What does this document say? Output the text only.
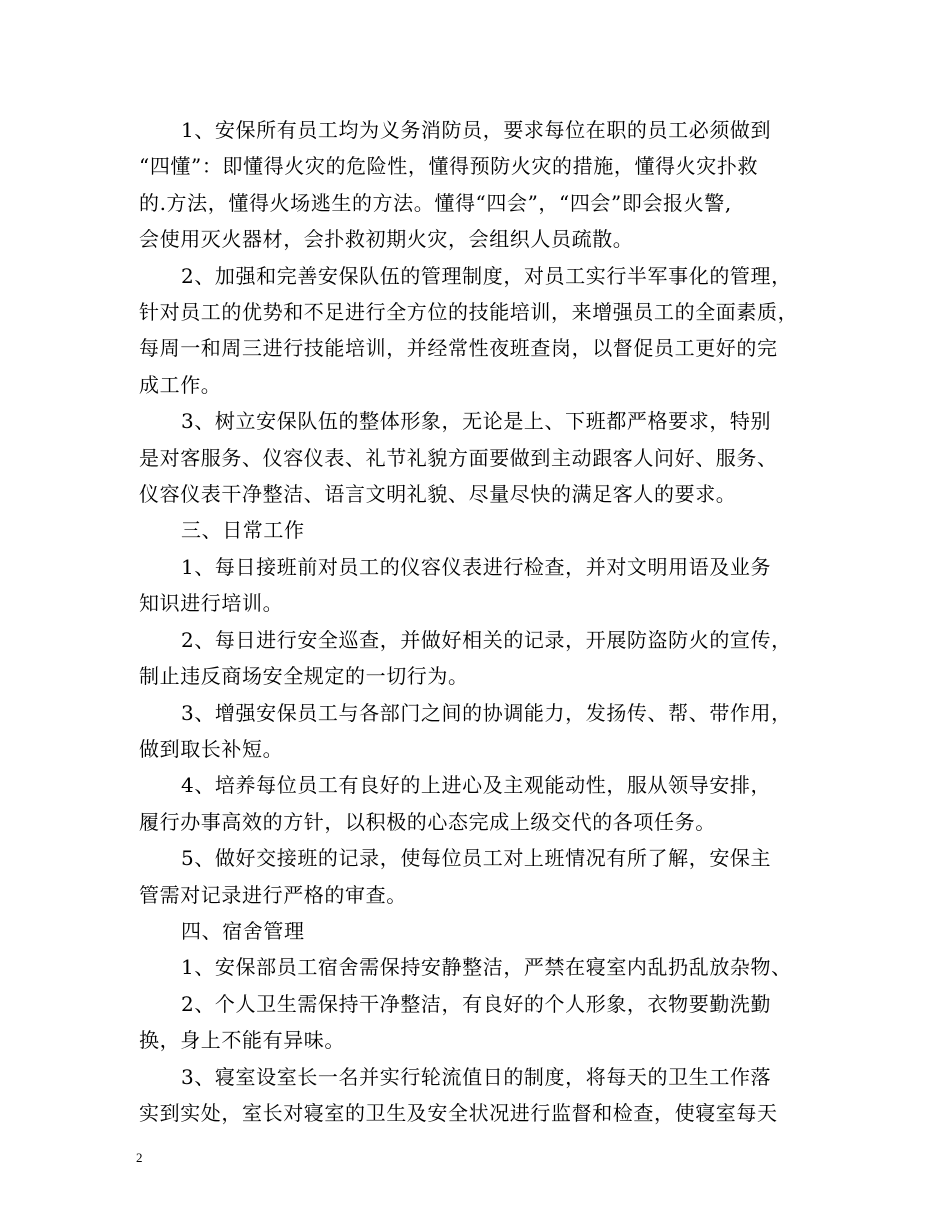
1、安保所有员工均为义务消防员，要求每位在职的员工必须做到
“四懂”：即懂得火灾的危险性，懂得预防火灾的措施，懂得火灾扑救
的.方法，懂得火场逃生的方法。懂得“四会”，“四会”即会报火警,
会使用灭火器材，会扑救初期火灾，会组织人员疏散。
2、加强和完善安保队伍的管理制度，对员工实行半军事化的管理，
针对员工的优势和不足进行全方位的技能培训，来增强员工的全面素质，
每周一和周三进行技能培训，并经常性夜班查岗，以督促员工更好的完
成工作。
3、树立安保队伍的整体形象，无论是上、下班都严格要求，特别
是对客服务、仪容仪表、礼节礼貌方面要做到主动跟客人问好、服务、
仪容仪表干净整洁、语言文明礼貌、尽量尽快的满足客人的要求。
三、日常工作
1、每日接班前对员工的仪容仪表进行检查，并对文明用语及业务
知识进行培训。
2、每日进行安全巡查，并做好相关的记录，开展防盗防火的宣传，
制止违反商场安全规定的一切行为。
3、增强安保员工与各部门之间的协调能力，发扬传、帮、带作用，
做到取长补短。
4、培养每位员工有良好的上进心及主观能动性，服从领导安排，
履行办事高效的方针，以积极的心态完成上级交代的各项任务。
5、做好交接班的记录，使每位员工对上班情况有所了解，安保主
管需对记录进行严格的审查。
四、宿舍管理
1、安保部员工宿舍需保持安静整洁，严禁在寝室内乱扔乱放杂物、
2、个人卫生需保持干净整洁，有良好的个人形象，衣物要勤洗勤
换，身上不能有异味。
3、寝室设室长一名并实行轮流值日的制度，将每天的卫生工作落
实到实处，室长对寝室的卫生及安全状况进行监督和检查，使寝室每天
2
